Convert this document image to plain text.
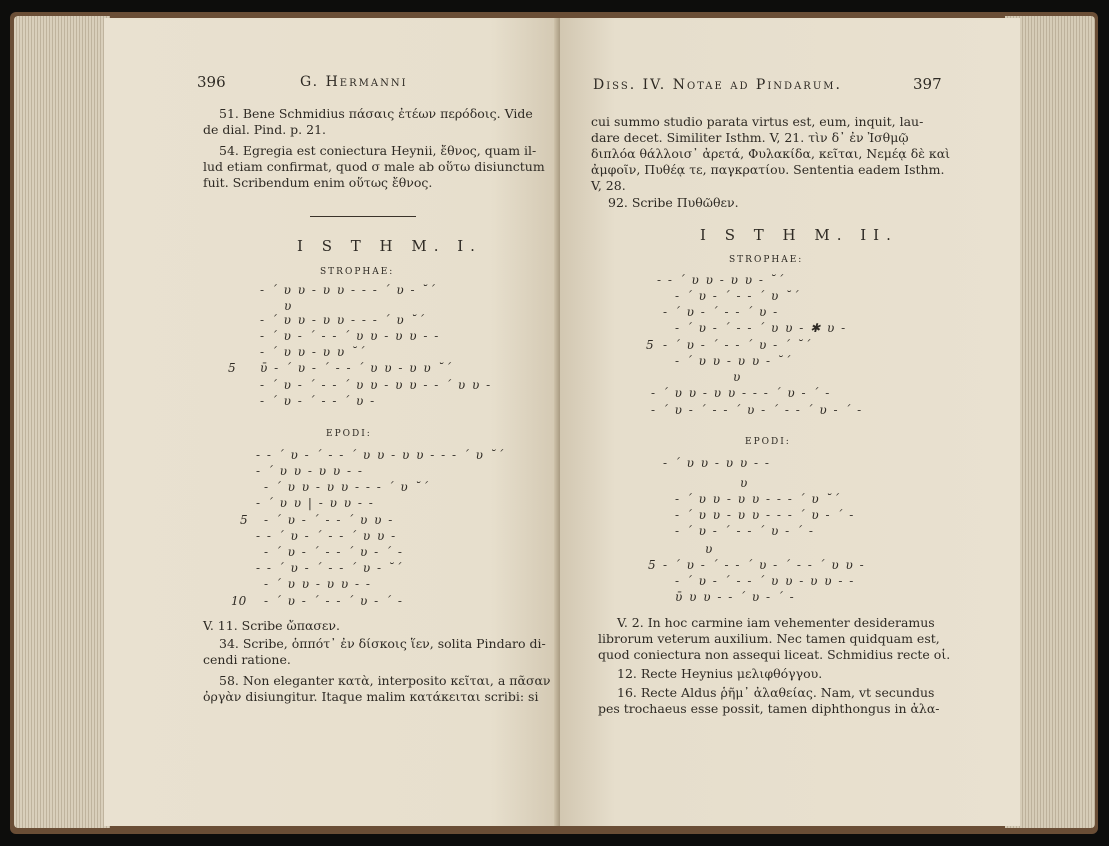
396	G. Hermanni
51. Bene Schmidius πάσαις ἐτέων περόδοις. Vide
de dial. Pind. p. 21.
54. Egregia est coniectura Heynii, ἔθνος, quam il-
lud etiam confirmat, quod σ male ab οὕτω disiunctum
fuit. Scribendum enim οὕτως ἔθνος.
I S T H M. I.
STROPHAE:
- ´ υ υ - υ υ - - - ´ υ - ˘´
υ
- ´ υ υ - υ υ - - - ´ υ ˘´
- ´ υ - ´ - - ´ υ υ - υ υ - -
- ´ υ υ - υ υ ˘´
5 ῡ - ´ υ - ´ - - ´ υ υ - υ υ ˘´
- ´ υ - ´ - - ´ υ υ - υ υ - - ´ υ υ -
- ´ υ - ´ - - ´ υ -
EPODI:
- - ´ υ - ´ - - ´ υ υ - υ υ - - - ´ υ ˘´
- ´ υ υ - υ υ - -
- ´ υ υ - υ υ - - - ´ υ ˘´
- ´ υ υ | - υ υ - -
5 - ´ υ - ´ - - ´ υ υ -
- - ´ υ - ´ - - ´ υ υ -
- ´ υ - ´ - - ´ υ - ´ -
- - ´ υ - ´ - - ´ υ - ˘´
- ´ υ υ - υ υ - -
10 - ´ υ - ´ - - ´ υ - ´ -
V. 11. Scribe ὤπασεν.
34. Scribe, ὁππότ᾽ ἐν δίσκοις ἵεν, solita Pindaro di-
cendi ratione.
58. Non eleganter κατὰ, interposito κεῖται, a πᾶσαν
ὀργὰν disiungitur. Itaque malim κατάκειται scribi: si
Diss. IV. Notae ad Pindarum.	397
cui summo studio parata virtus est, eum, inquit, lau-
dare decet. Similiter Isthm. V, 21. τὶν δ᾽ ἐν Ἰσθμῷ
διπλόα θάλλοισ᾽ ἀρετά, Φυλακίδα, κεῖται, Νεμέᾳ δὲ καὶ
ἀμφοῖν, Πυθέᾳ τε, παγκρατίου. Sententia eadem Isthm.
V, 28.
92. Scribe Πυθῶθεν.
I S T H M. II.
STROPHAE:
- - ´ υ υ - υ υ - ˘´
- ´ υ - ´ - - ´ υ ˘´
- ´ υ - ´ - - ´ υ -
- ´ υ - ´ - - ´ υ υ - ✱ υ -
5 - ´ υ - ´ - - ´ υ - ´ ˘´
- ´ υ υ - υ υ - ˘´
υ
- ´ υ υ - υ υ - - - ´ υ - ´ -
- ´ υ - ´ - - ´ υ - ´ - - ´ υ - ´ -
EPODI:
- ´ υ υ - υ υ - -
υ
- ´ υ υ - υ υ - - - ´ υ ˘´
- ´ υ υ - υ υ - - - ´ υ - ´ -
- ´ υ - ´ - - ´ υ - ´ -
υ
5 - ´ υ - ´ - - ´ υ - ´ - - ´ υ υ -
- ´ υ - ´ - - ´ υ υ - υ υ - -
ῡ υ υ - - ´ υ - ´ -
V. 2. In hoc carmine iam vehementer desideramus
librorum veterum auxilium. Nec tamen quidquam est,
quod coniectura non assequi liceat. Schmidius recte οἱ.
12. Recte Heynius μελιφθόγγου.
16. Recte Aldus ῥῆμ᾽ ἀλαθείας. Nam, vt secundus
pes trochaeus esse possit, tamen diphthongus in ἀλα-
